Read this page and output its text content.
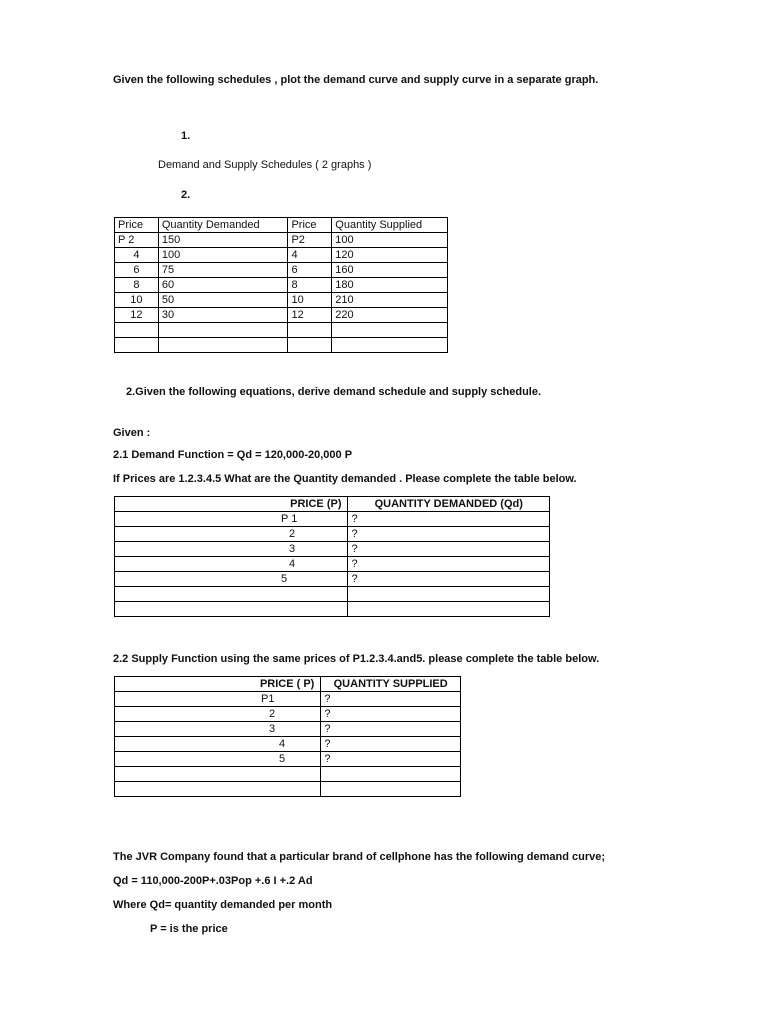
Given the following schedules , plot the demand curve and supply curve in a separate graph.
1.
Demand and Supply Schedules ( 2 graphs )
2.
Price	Quantity Demanded	Price	Quantity Supplied
P 2	150	P2	100
4	100	4	120
6	75	6	160
8	60	8	180
10	50	10	210
12	30	12	220

2.Given the following equations, derive demand schedule and supply schedule.
Given :
2.1 Demand Function = Qd = 120,000-20,000 P
If Prices are 1.2.3.4.5 What are the Quantity demanded . Please complete the table below.
PRICE (P)	QUANTITY DEMANDED (Qd)
P 1	?
2	?
3	?
4	?
5	?

2.2 Supply Function using the same prices of P1.2.3.4.and5. please complete the table below.
PRICE ( P)	QUANTITY SUPPLIED
P1	?
2	?
3	?
4	?
5	?

The JVR Company found that a particular brand of cellphone has the following demand curve;
Qd = 110,000-200P+.03Pop +.6 I +.2 Ad
Where Qd= quantity demanded per month
P = is the price
